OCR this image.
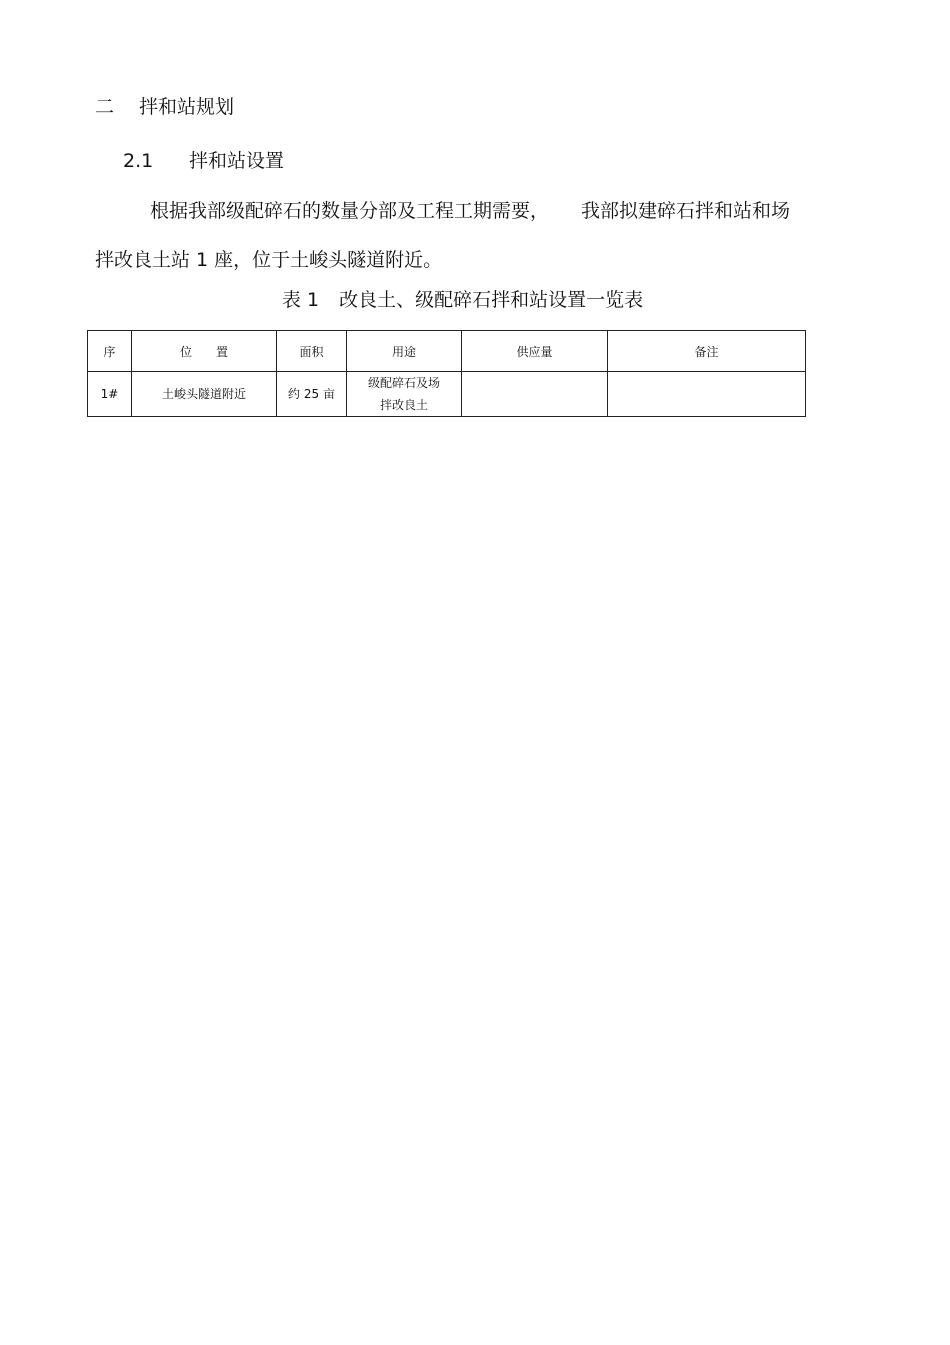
二 拌和站规划
2.1 拌和站设置
根据我部级配碎石的数量分部及工程工期需要， 我部拟建碎石拌和站和场
拌改良土站 1 座，位于土峻头隧道附近。
表 1 改良土、级配碎石拌和站设置一览表
序	位置	面积	用途	供应量	备注
1#	土峻头隧道附近	约 25 亩	级配碎石及场
拌改良土		
